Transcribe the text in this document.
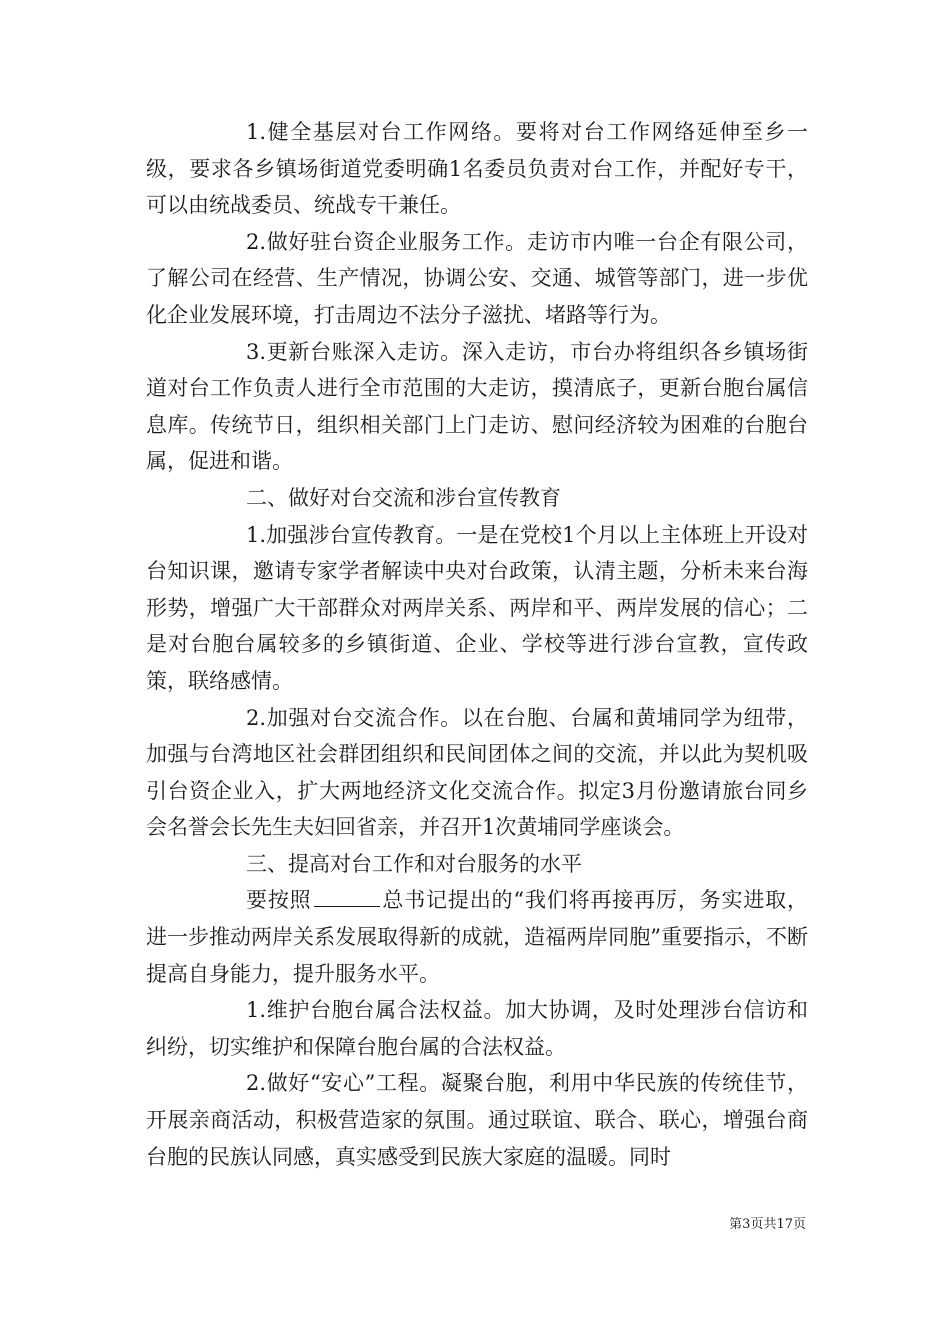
1.健全基层对台工作网络。要将对台工作网络延伸至乡一级，要求各乡镇场街道党委明确1名委员负责对台工作，并配好专干，可以由统战委员、统战专干兼任。

2.做好驻台资企业服务工作。走访市内唯一台企有限公司，了解公司在经营、生产情况，协调公安、交通、城管等部门，进一步优化企业发展环境，打击周边不法分子滋扰、堵路等行为。

3.更新台账深入走访。深入走访，市台办将组织各乡镇场街道对台工作负责人进行全市范围的大走访，摸清底子，更新台胞台属信息库。传统节日，组织相关部门上门走访、慰问经济较为困难的台胞台属，促进和谐。

二、做好对台交流和涉台宣传教育

1.加强涉台宣传教育。一是在党校1个月以上主体班上开设对台知识课，邀请专家学者解读中央对台政策，认清主题，分析未来台海形势，增强广大干部群众对两岸关系、两岸和平、两岸发展的信心；二是对台胞台属较多的乡镇街道、企业、学校等进行涉台宣教，宣传政策，联络感情。

2.加强对台交流合作。以在台胞、台属和黄埔同学为纽带，加强与台湾地区社会群团组织和民间团体之间的交流，并以此为契机吸引台资企业入，扩大两地经济文化交流合作。拟定3月份邀请旅台同乡会名誉会长先生夫妇回省亲，并召开1次黄埔同学座谈会。

三、提高对台工作和对台服务的水平

要按照	总书记提出的“我们将再接再厉，务实进取，进一步推动两岸关系发展取得新的成就，造福两岸同胞”重要指示，不断提高自身能力，提升服务水平。

1.维护台胞台属合法权益。加大协调，及时处理涉台信访和纠纷，切实维护和保障台胞台属的合法权益。

2.做好“安心”工程。凝聚台胞，利用中华民族的传统佳节，开展亲商活动，积极营造家的氛围。通过联谊、联合、联心，增强台商台胞的民族认同感，真实感受到民族大家庭的温暖。同时

第3页共17页
